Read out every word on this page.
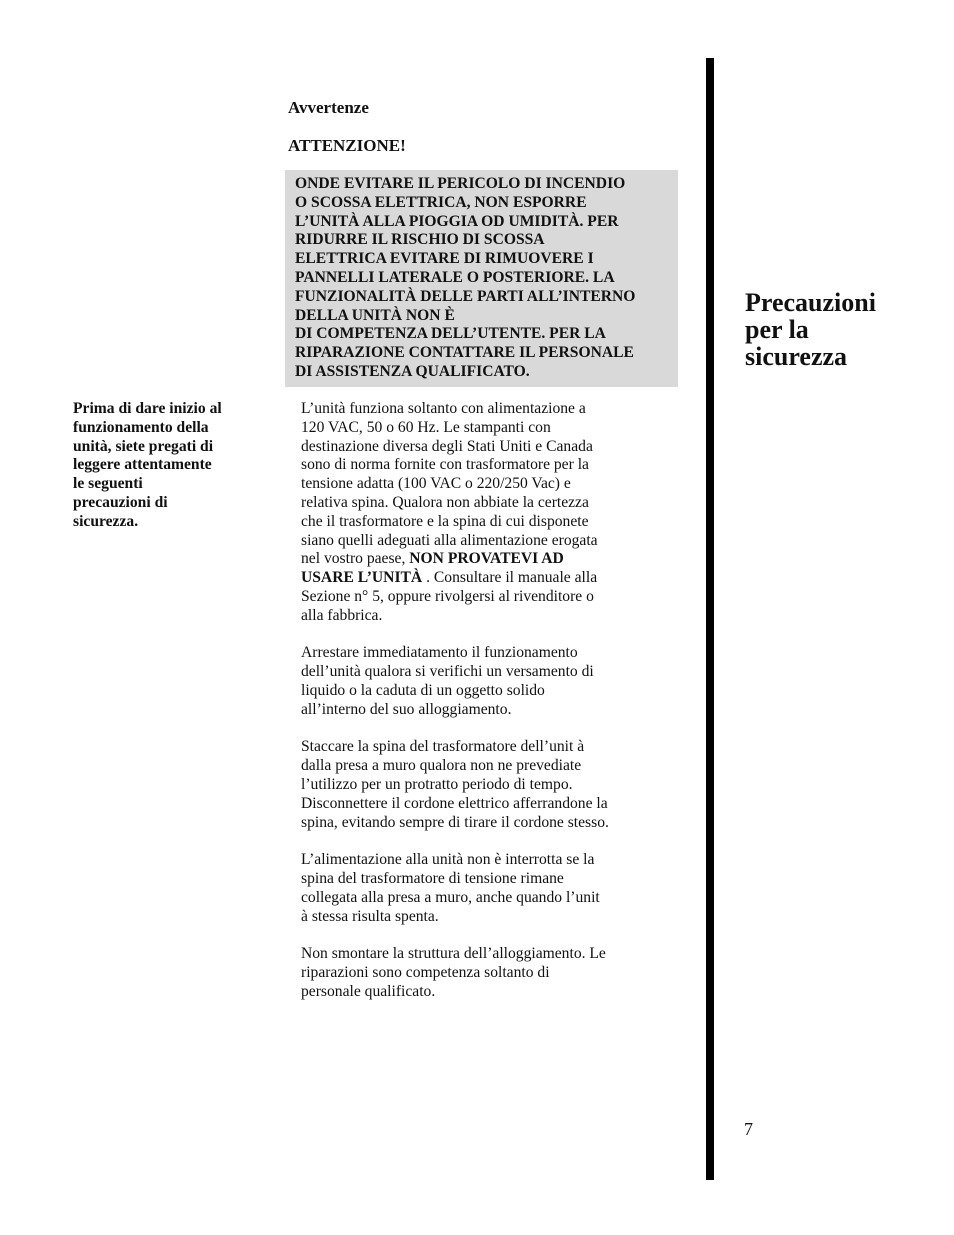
Avvertenze
ATTENZIONE!
ONDE EVITARE IL PERICOLO DI INCENDIO
O SCOSSA ELETTRICA, NON ESPORRE
L’UNITÀ ALLA PIOGGIA OD UMIDITÀ. PER
RIDURRE IL RISCHIO DI SCOSSA
ELETTRICA EVITARE DI RIMUOVERE I
PANNELLI LATERALE O POSTERIORE. LA
FUNZIONALITÀ DELLE PARTI ALL’INTERNO
DELLA UNITÀ NON È
DI COMPETENZA DELL’UTENTE. PER LA
RIPARAZIONE CONTATTARE IL PERSONALE
DI ASSISTENZA QUALIFICATO.
Prima di dare inizio al
funzionamento della
unità, siete pregati di
leggere attentamente
le seguenti
precauzioni di
sicurezza.

L’unità funziona soltanto con alimentazione a
120 VAC, 50 o 60 Hz. Le stampanti con
destinazione diversa degli Stati Uniti e Canada
sono di norma fornite con trasformatore per la
tensione adatta (100 VAC o 220/250 Vac) e
relativa spina. Qualora non abbiate la certezza
che il trasformatore e la spina di cui disponete
siano quelli adeguati alla alimentazione erogata
nel vostro paese, NON PROVATEVI AD
USARE L’UNITÀ . Consultare il manuale alla
Sezione n° 5, oppure rivolgersi al rivenditore o
alla fabbrica.

Arrestare immediatamento il funzionamento
dell’unità qualora si verifichi un versamento di
liquido o la caduta di un oggetto solido
all’interno del suo alloggiamento.

Staccare la spina del trasformatore dell’unit à
dalla presa a muro qualora non ne prevediate
l’utilizzo per un protratto periodo di tempo.
Disconnettere il cordone elettrico afferrandone la
spina, evitando sempre di tirare il cordone stesso.

L’alimentazione alla unità non è interrotta se la
spina del trasformatore di tensione rimane
collegata alla presa a muro, anche quando l’unit
à stessa risulta spenta.

Non smontare la struttura dell’alloggiamento. Le
riparazioni sono competenza soltanto di
personale qualificato.

Precauzioni
per la
sicurezza
7
